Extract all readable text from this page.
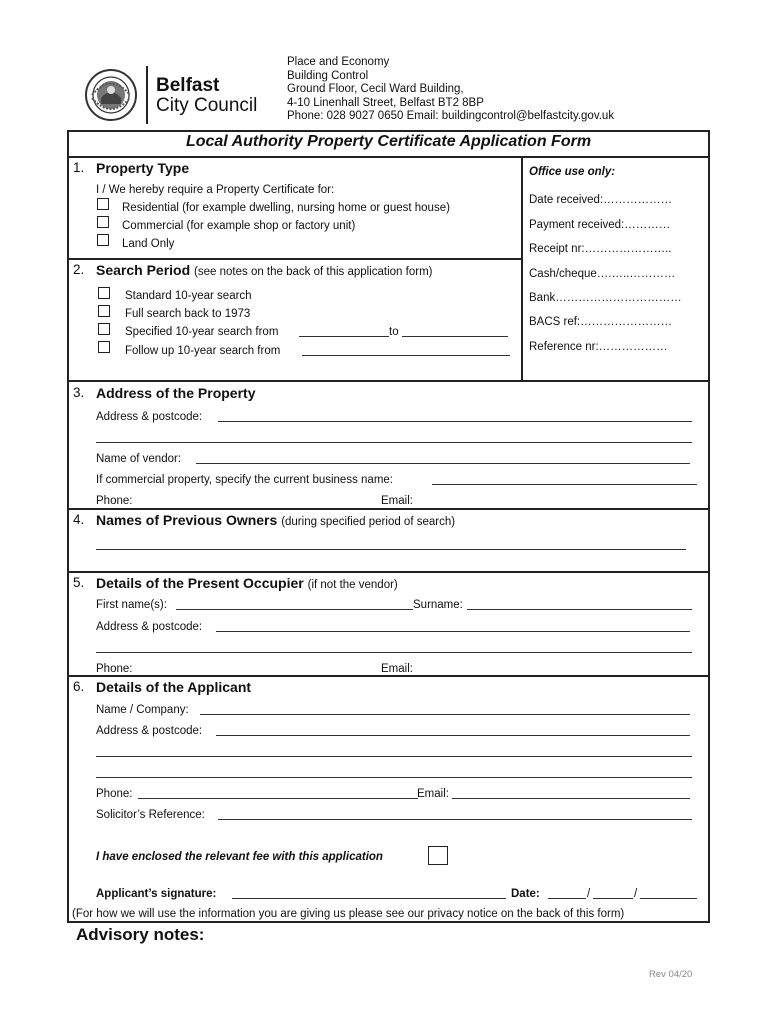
Belfast
City Council
Place and Economy
Building Control
Ground Floor, Cecil Ward Building,
4-10 Linenhall Street, Belfast BT2 8BP
Phone: 028 9027 0650 Email: buildingcontrol@belfastcity.gov.uk
Local Authority Property Certificate Application Form
1. Property Type
I / We hereby require a Property Certificate for:
Residential (for example dwelling, nursing home or guest house)
Commercial (for example shop or factory unit)
Land Only
2. Search Period (see notes on the back of this application form)
Standard 10-year search
Full search back to 1973
Specified 10-year search from	to
Follow up 10-year search from
Office use only:
Date received:………………
Payment received:…………
Receipt nr:…………………..
Cash/cheque….…..…………
Bank……………………………
BACS ref:……………………
Reference nr:………………
3. Address of the Property
Address & postcode:
Name of vendor:
If commercial property, specify the current business name:
Phone:	Email:
4. Names of Previous Owners (during specified period of search)
5. Details of the Present Occupier (if not the vendor)
First name(s):	Surname:
Address & postcode:
Phone:	Email:
6. Details of the Applicant
Name / Company:
Address & postcode:
Phone:	Email:
Solicitor’s Reference:
I have enclosed the relevant fee with this application
Applicant’s signature:	Date:	/	/
(For how we will use the information you are giving us please see our privacy notice on the back of this form)
Advisory notes:
Rev 04/20
